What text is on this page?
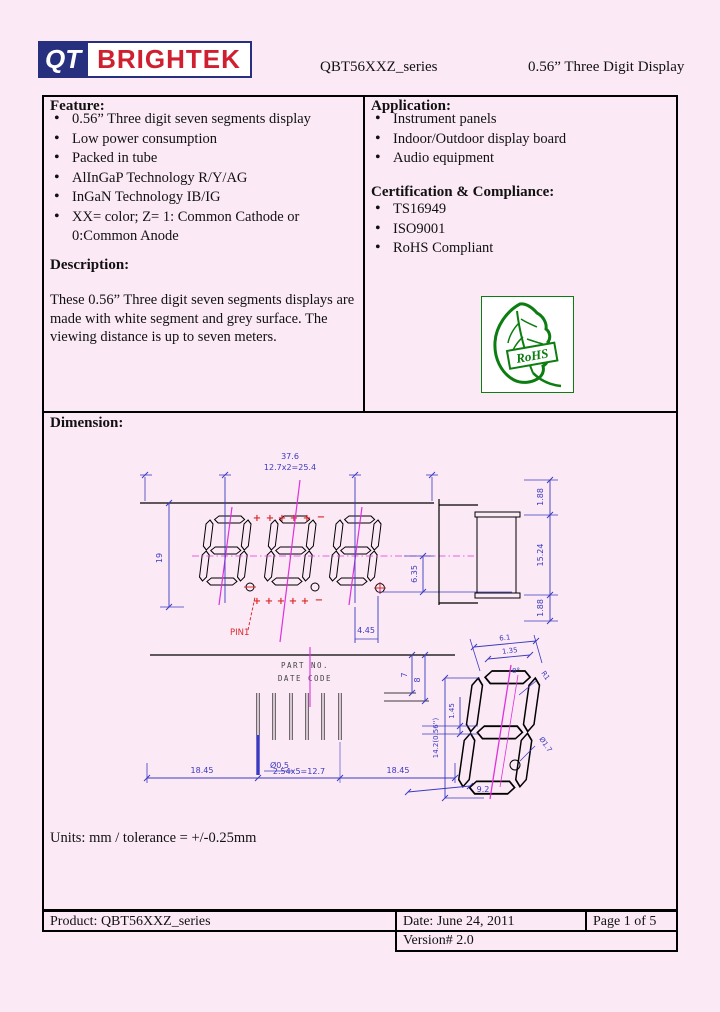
QT BRIGHTEK	QBT56XXZ_series	0.56” Three Digit Display
Feature:
• 0.56” Three digit seven segments display
• Low power consumption
• Packed in tube
• AlInGaP Technology R/Y/AG
• InGaN Technology IB/IG
• XX= color; Z= 1: Common Cathode or 0:Common Anode
Description:
These 0.56” Three digit seven segments displays are made with white segment and grey surface. The viewing distance is up to seven meters.
Application:
• Instrument panels
• Indoor/Outdoor display board
• Audio equipment
Certification & Compliance:
• TS16949
• ISO9001
• RoHS Compliant
RoHS
Dimension:
+ + + + + −
+ + + + + −
37.6
12.7x2=25.4
19
6.35
4.45
PIN1
1.88
15.24
1.88
PART NO.
DATE CODE
Ø0.5
18.45	2.54x5=12.7	18.45
7
8
14.2(0.56'')
1.45
6.1
1.35
8°	R1
Ø1.7
9.2
Units: mm / tolerance = +/-0.25mm
Product: QBT56XXZ_series	Date: June 24, 2011	Page 1 of 5
Version# 2.0
